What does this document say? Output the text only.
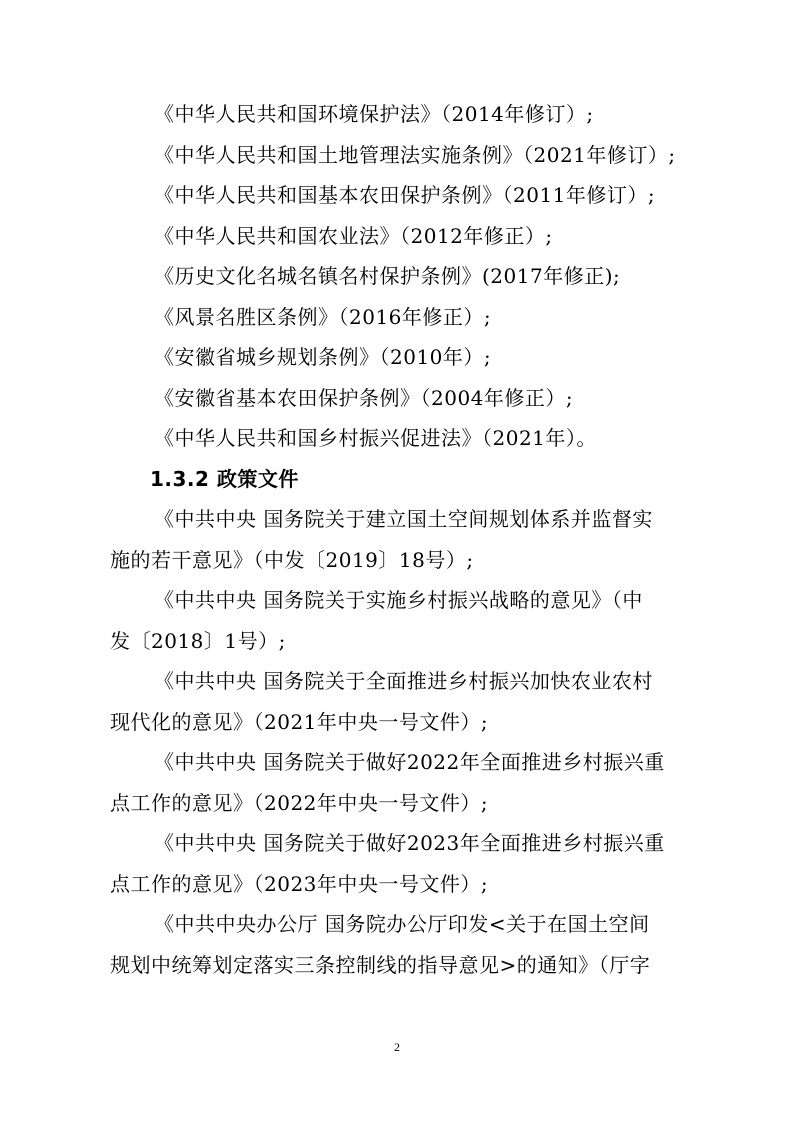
《中华人民共和国环境保护法》（2014年修订）;
《中华人民共和国土地管理法实施条例》（2021年修订）;
《中华人民共和国基本农田保护条例》（2011年修订）;
《中华人民共和国农业法》（2012年修正）;
《历史文化名城名镇名村保护条例》(2017年修正);
《风景名胜区条例》（2016年修正）;
《安徽省城乡规划条例》（2010年）;
《安徽省基本农田保护条例》（2004年修正）;
《中华人民共和国乡村振兴促进法》（2021年）。
1.3.2 政策文件
《中共中央 国务院关于建立国土空间规划体系并监督实
施的若干意见》（中发〔2019〕18号）;
《中共中央 国务院关于实施乡村振兴战略的意见》（中
发〔2018〕1号）;
《中共中央 国务院关于全面推进乡村振兴加快农业农村
现代化的意见》（2021年中央一号文件）;
《中共中央 国务院关于做好2022年全面推进乡村振兴重
点工作的意见》（2022年中央一号文件）;
《中共中央 国务院关于做好2023年全面推进乡村振兴重
点工作的意见》（2023年中央一号文件）;
《中共中央办公厅 国务院办公厅印发<关于在国土空间
规划中统筹划定落实三条控制线的指导意见>的通知》（厅字
2
